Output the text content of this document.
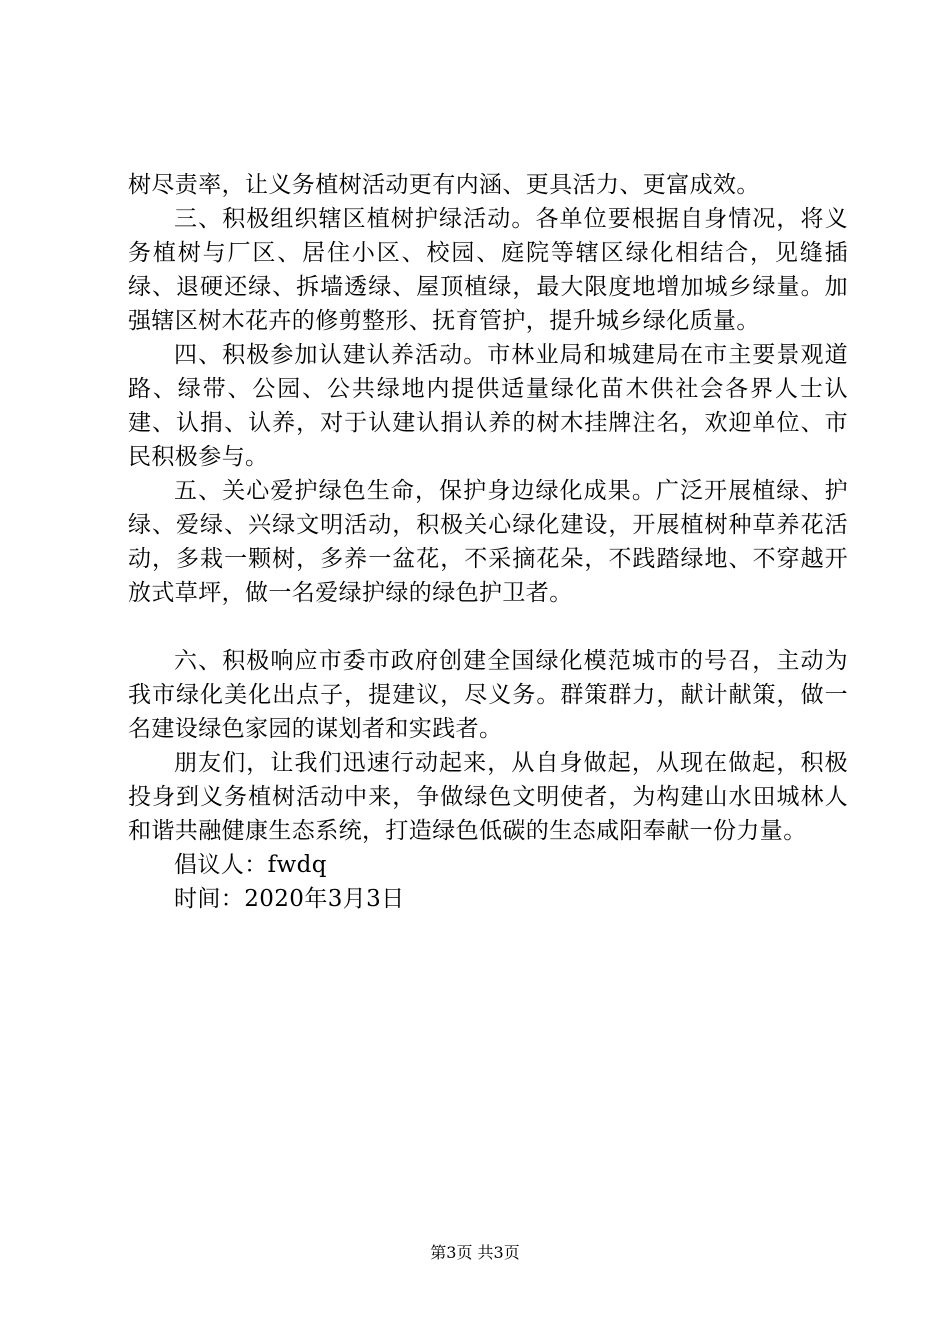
树尽责率，让义务植树活动更有内涵、更具活力、更富成效。

三、积极组织辖区植树护绿活动。各单位要根据自身情况，将义务植树与厂区、居住小区、校园、庭院等辖区绿化相结合，见缝插绿、退硬还绿、拆墙透绿、屋顶植绿，最大限度地增加城乡绿量。加强辖区树木花卉的修剪整形、抚育管护，提升城乡绿化质量。

四、积极参加认建认养活动。市林业局和城建局在市主要景观道路、绿带、公园、公共绿地内提供适量绿化苗木供社会各界人士认建、认捐、认养，对于认建认捐认养的树木挂牌注名，欢迎单位、市民积极参与。

五、关心爱护绿色生命，保护身边绿化成果。广泛开展植绿、护绿、爱绿、兴绿文明活动，积极关心绿化建设，开展植树种草养花活动，多栽一颗树，多养一盆花，不采摘花朵，不践踏绿地、不穿越开放式草坪，做一名爱绿护绿的绿色护卫者。

六、积极响应市委市政府创建全国绿化模范城市的号召，主动为我市绿化美化出点子，提建议，尽义务。群策群力，献计献策，做一名建设绿色家园的谋划者和实践者。

朋友们，让我们迅速行动起来，从自身做起，从现在做起，积极投身到义务植树活动中来，争做绿色文明使者，为构建山水田城林人和谐共融健康生态系统，打造绿色低碳的生态咸阳奉献一份力量。

倡议人：fwdq

时间：2020年3月3日

第3页 共3页
